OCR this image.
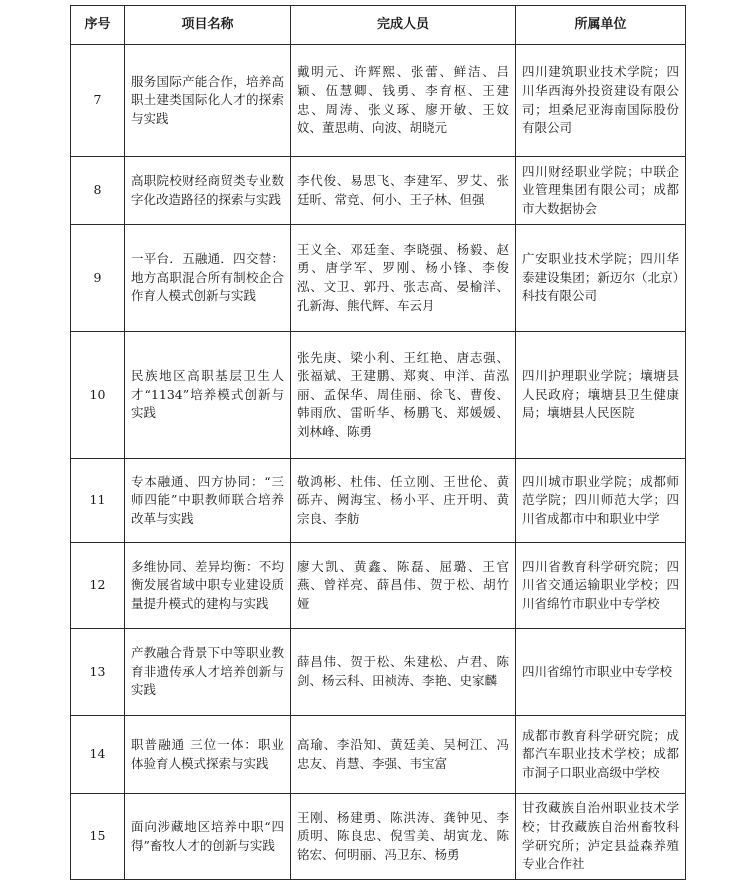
序号	项目名称	完成人员	所属单位
7	服务国际产能合作，培养高职土建类国际化人才的探索与实践	戴明元、许辉熙、张蕾、鲜洁、吕颖、伍慧卿、钱勇、李育枢、王建忠、周涛、张义琢、廖开敏、王妏妏、董思萌、向波、胡晓元	四川建筑职业技术学院；四川华西海外投资建设有限公司；坦桑尼亚海南国际股份有限公司
8	高职院校财经商贸类专业数字化改造路径的探索与实践	李代俊、易思飞、李建军、罗艾、张廷昕、常竞、何小、王子林、但强	四川财经职业学院；中联企业管理集团有限公司；成都市大数据协会
9	一平台．五融通．四交替：地方高职混合所有制校企合作育人模式创新与实践	王义全、邓廷奎、李晓强、杨毅、赵勇、唐学军、罗刚、杨小锋、李俊泓、文卫、郭丹、张志高、晏榆洋、孔新海、熊代辉、车云月	广安职业技术学院；四川华泰建设集团；新迈尔（北京）科技有限公司
10	民族地区高职基层卫生人才“1134”培养模式创新与实践	张先庚、梁小利、王红艳、唐志强、张福斌、王建鹏、郑爽、申洋、苗泓丽、孟保华、周佳丽、徐飞、曹俊、韩雨欣、雷昕华、杨鹏飞、郑媛媛、刘林峰、陈勇	四川护理职业学院；壤塘县人民政府；壤塘县卫生健康局；壤塘县人民医院
11	专本融通、四方协同：“三师四能”中职教师联合培养改革与实践	敬鸿彬、杜伟、任立刚、王世伦、黄砾卉、阙海宝、杨小平、庄开明、黄宗良、李舫	四川城市职业学院；成都师范学院；四川师范大学；四川省成都市中和职业中学
12	多维协同、差异均衡：不均衡发展省域中职专业建设质量提升模式的建构与实践	廖大凯、黄鑫、陈磊、屈璐、王官燕、曾祥亮、薛昌伟、贺于松、胡竹娅	四川省教育科学研究院；四川省交通运输职业学校；四川省绵竹市职业中专学校
13	产教融合背景下中等职业教育非遗传承人才培养创新与实践	薛昌伟、贺于松、朱建松、卢君、陈剑、杨云科、田祯涛、李艳、史家麟	四川省绵竹市职业中专学校
14	职普融通 三位一体：职业体验育人模式探索与实践	高瑜、李沿知、黄廷美、吴柯江、冯忠友、肖慧、李强、韦宝富	成都市教育科学研究院；成都汽车职业技术学校；成都市洞子口职业高级中学校
15	面向涉藏地区培养中职“四得”畜牧人才的创新与实践	王刚、杨建勇、陈洪涛、龚钟见、李质明、陈良忠、倪雪美、胡寅龙、陈铭宏、何明丽、冯卫东、杨勇	甘孜藏族自治州职业技术学校；甘孜藏族自治州畜牧科学研究所；泸定县益森养殖专业合作社
